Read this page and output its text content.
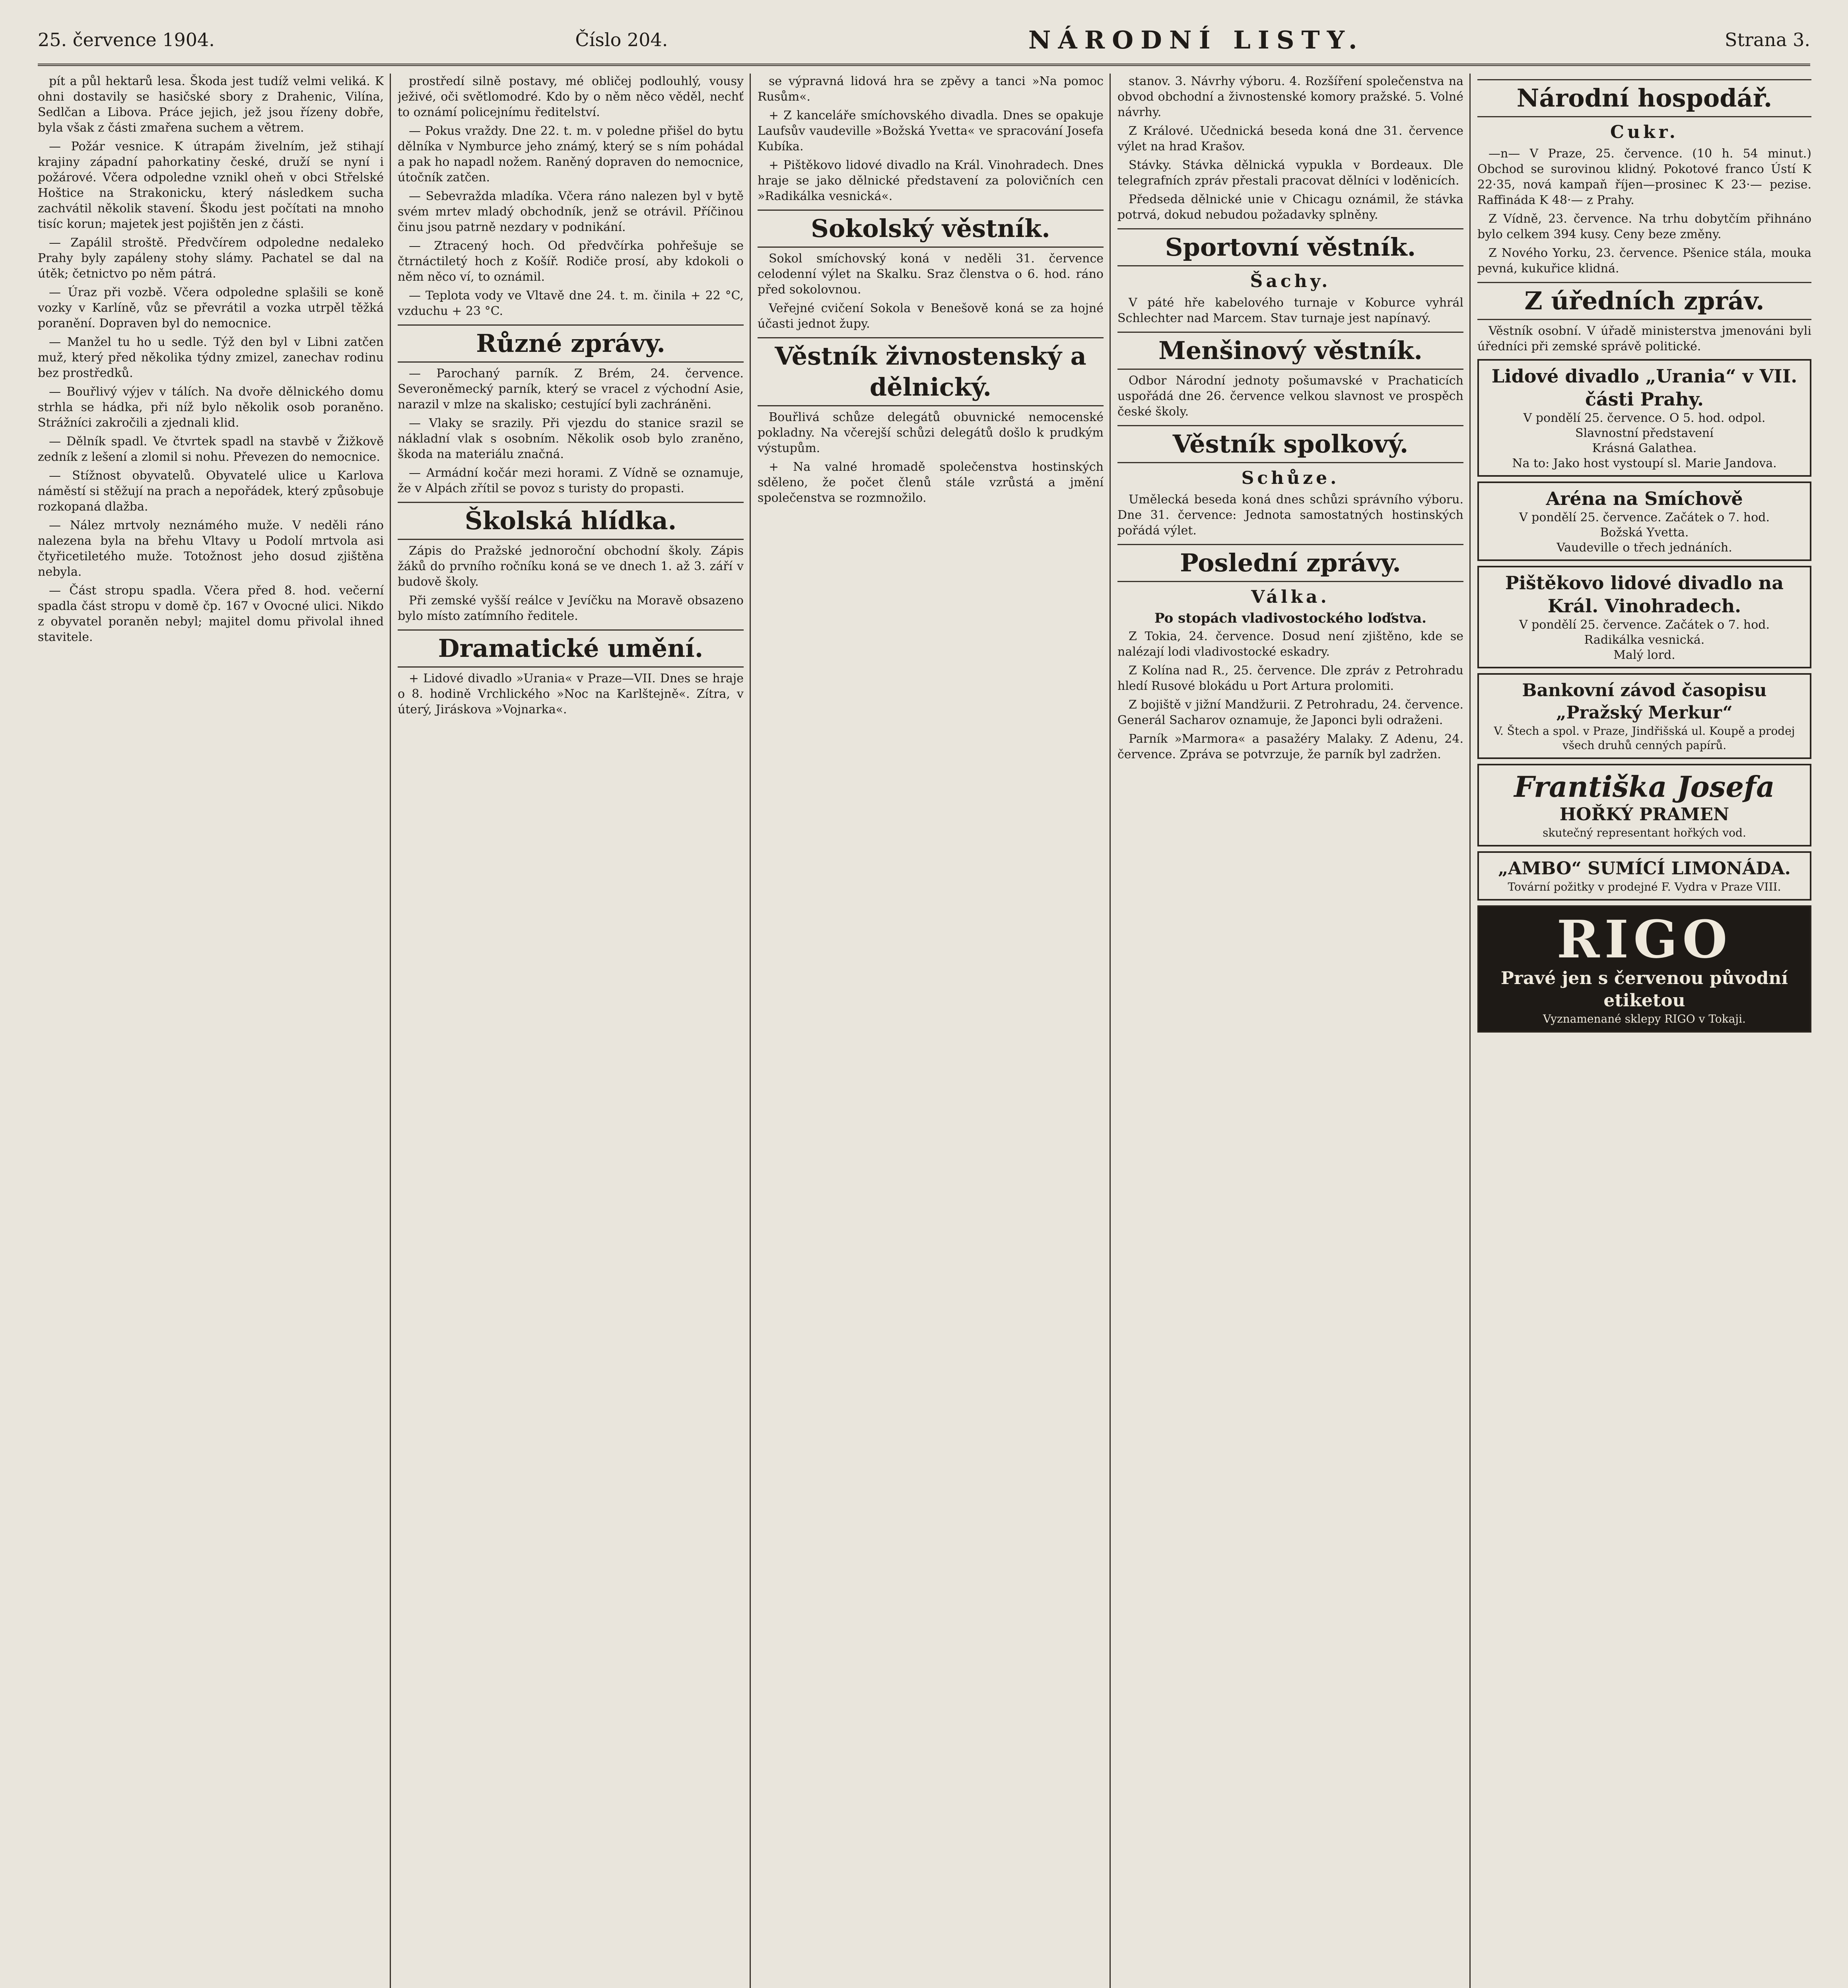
25. července 1904.	Číslo 204.	NÁRODNÍ LISTY.	Strana 3.

pít a půl hektarů lesa. Škoda jest tudíž velmi veliká. K ohni dostavily se hasičské sbory z Drahenic, Vilína, Sedlčan a Libova. Práce jejich, jež jsou řízeny dobře, byla však z části zmařena suchem a větrem.

— Požár vesnice. K útrapám živelním, jež stihají krajiny západní pahorkatiny české, druží se nyní i požárové. Včera odpoledne vznikl oheň v obci Střelské Hoštice na Strakonicku, který následkem sucha zachvátil několik stavení. Škodu jest počítati na mnoho tisíc korun; majetek jest pojištěn jen z části.

— Zapálil stroště. Předvčírem odpoledne nedaleko Prahy byly zapáleny stohy slámy. Pachatel se dal na útěk; četnictvo po něm pátrá.

— Úraz při vozbě. Včera odpoledne splašili se koně vozky v Karlíně, vůz se převrátil a vozka utrpěl těžká poranění. Dopraven byl do nemocnice.

— Manžel tu ho u sedle. Týž den byl v Libni zatčen muž, který před několika týdny zmizel, zanechav rodinu bez prostředků.

— Bouřlivý výjev v tálích. Na dvoře dělnického domu strhla se hádka, při níž bylo několik osob poraněno. Strážníci zakročili a zjednali klid.

— Dělník spadl. Ve čtvrtek spadl na stavbě v Žižkově zedník z lešení a zlomil si nohu. Převezen do nemocnice.

— Stížnost obyvatelů. Obyvatelé ulice u Karlova náměstí si stěžují na prach a nepořádek, který způsobuje rozkopaná dlažba.

— Nález mrtvoly neznámého muže. V neděli ráno nalezena byla na břehu Vltavy u Podolí mrtvola asi čtyřicetiletého muže. Totožnost jeho dosud zjištěna nebyla.

— Část stropu spadla. Včera před 8. hod. večerní spadla část stropu v domě čp. 167 v Ovocné ulici. Nikdo z obyvatel poraněn nebyl; majitel domu přivolal ihned stavitele.

prostředí silně postavy, mé obličej podlouhlý, vousy ježivé, oči světlomodré. Kdo by o něm něco věděl, nechť to oznámí policejnímu ředitelství.

— Pokus vraždy. Dne 22. t. m. v poledne přišel do bytu dělníka v Nymburce jeho známý, který se s ním pohádal a pak ho napadl nožem. Raněný dopraven do nemocnice, útočník zatčen.

— Sebevražda mladíka. Včera ráno nalezen byl v bytě svém mrtev mladý obchodník, jenž se otrávil. Příčinou činu jsou patrně nezdary v podnikání.

— Ztracený hoch. Od předvčírka pohřešuje se čtrnáctiletý hoch z Košíř. Rodiče prosí, aby kdokoli o něm něco ví, to oznámil.

— Teplota vody ve Vltavě dne 24. t. m. činila + 22 °C, vzduchu + 23 °C.

Různé zprávy.

— Parochaný parník. Z Brém, 24. července. Severoněmecký parník, který se vracel z východní Asie, narazil v mlze na skalisko; cestující byli zachráněni.

— Vlaky se srazily. Při vjezdu do stanice srazil se nákladní vlak s osobním. Několik osob bylo zraněno, škoda na materiálu značná.

— Armádní kočár mezi horami. Z Vídně se oznamuje, že v Alpách zřítil se povoz s turisty do propasti.

Školská hlídka.

Zápis do Pražské jednoroční obchodní školy. Zápis žáků do prvního ročníku koná se ve dnech 1. až 3. září v budově školy.

Při zemské vyšší reálce v Jevíčku na Moravě obsazeno bylo místo zatímního ředitele.

Dramatické umění.

+ Lidové divadlo »Urania« v Praze—VII. Dnes se hraje o 8. hodině Vrchlického »Noc na Karlštejně«. Zítra, v úterý, Jiráskova »Vojnarka«.

se výpravná lidová hra se zpěvy a tanci »Na pomoc Rusům«.

+ Z kanceláře smíchovského divadla. Dnes se opakuje Laufsův vaudeville »Božská Yvetta« ve spracování Josefa Kubíka.

+ Pištěkovo lidové divadlo na Král. Vinohradech. Dnes hraje se jako dělnické představení za polovičních cen »Radikálka vesnická«.

Sokolský věstník.

Sokol smíchovský koná v neděli 31. července celodenní výlet na Skalku. Sraz členstva o 6. hod. ráno před sokolovnou.

Veřejné cvičení Sokola v Benešově koná se za hojné účasti jednot župy.

Věstník živnostenský a dělnický.

Bouřlivá schůze delegátů obuvnické nemocenské pokladny. Na včerejší schůzi delegátů došlo k prudkým výstupům.

+ Na valné hromadě společenstva hostinských sděleno, že počet členů stále vzrůstá a jmění společenstva se rozmnožilo.

stanov. 3. Návrhy výboru. 4. Rozšíření společenstva na obvod obchodní a živnostenské komory pražské. 5. Volné návrhy.

Z Králové. Učednická beseda koná dne 31. července výlet na hrad Krašov.

Stávky. Stávka dělnická vypukla v Bordeaux. Dle telegrafních zpráv přestali pracovat dělníci v loděnicích.

Předseda dělnické unie v Chicagu oznámil, že stávka potrvá, dokud nebudou požadavky splněny.

Sportovní věstník.
Šachy.

V páté hře kabelového turnaje v Koburce vyhrál Schlechter nad Marcem. Stav turnaje jest napínavý.

Menšinový věstník.

Odbor Národní jednoty pošumavské v Prachaticích uspořádá dne 26. července velkou slavnost ve prospěch české školy.

Věstník spolkový.
Schůze.

Umělecká beseda koná dnes schůzi správního výboru. Dne 31. července: Jednota samostatných hostinských pořádá výlet.

Poslední zprávy.
Válka.
Po stopách vladivostockého loďstva.

Z Tokia, 24. července. Dosud není zjištěno, kde se nalézají lodi vladivostocké eskadry.

Z Kolína nad R., 25. července. Dle zpráv z Petrohradu hledí Rusové blokádu u Port Artura prolomiti.

Z bojiště v jižní Mandžurii. Z Petrohradu, 24. července. Generál Sacharov oznamuje, že Japonci byli odraženi.

Parník »Marmora« a pasažéry Malaky. Z Adenu, 24. července. Zpráva se potvrzuje, že parník byl zadržen.

Národní hospodář.
Cukr.

—n— V Praze, 25. července. (10 h. 54 minut.) Obchod se surovinou klidný. Pokotové franco Ústí K 22·35, nová kampaň říjen—prosinec K 23·— pezise. Raffináda K 48·— z Prahy.

Z Vídně, 23. července. Na trhu dobytčím přihnáno bylo celkem 394 kusy. Ceny beze změny.

Z Nového Yorku, 23. července. Pšenice stála, mouka pevná, kukuřice klidná.

Z úředních zpráv.

Věstník osobní. V úřadě ministerstva jmenováni byli úředníci při zemské správě politické.

Lidové divadlo „Urania“ v VII. části Prahy.
V pondělí 25. července. O 5. hod. odpol.
Slavnostní představení
Krásná Galathea.
Na to: Jako host vystoupí sl. Marie Jandova.
Aréna na Smíchově
V pondělí 25. července. Začátek o 7. hod.
Božská Yvetta.
Vaudeville o třech jednáních.
Pištěkovo lidové divadlo na Král. Vinohradech.
V pondělí 25. července. Začátek o 7. hod.
Radikálka vesnická.
Malý lord.
Bankovní závod časopisu „Pražský Merkur“
V. Štech a spol. v Praze, Jindřišská ul. Koupě a prodej všech druhů cenných papírů.
Františka Josefa
HOŘKÝ PRAMEN
skutečný representant hořkých vod.
„AMBO“ SUMÍCÍ LIMONÁDA.
Tovární požitky v prodejné F. Vydra v Praze VIII.
RIGO
Pravé jen s červenou původní etiketou
Vyznamenané sklepy RIGO v Tokaji.
